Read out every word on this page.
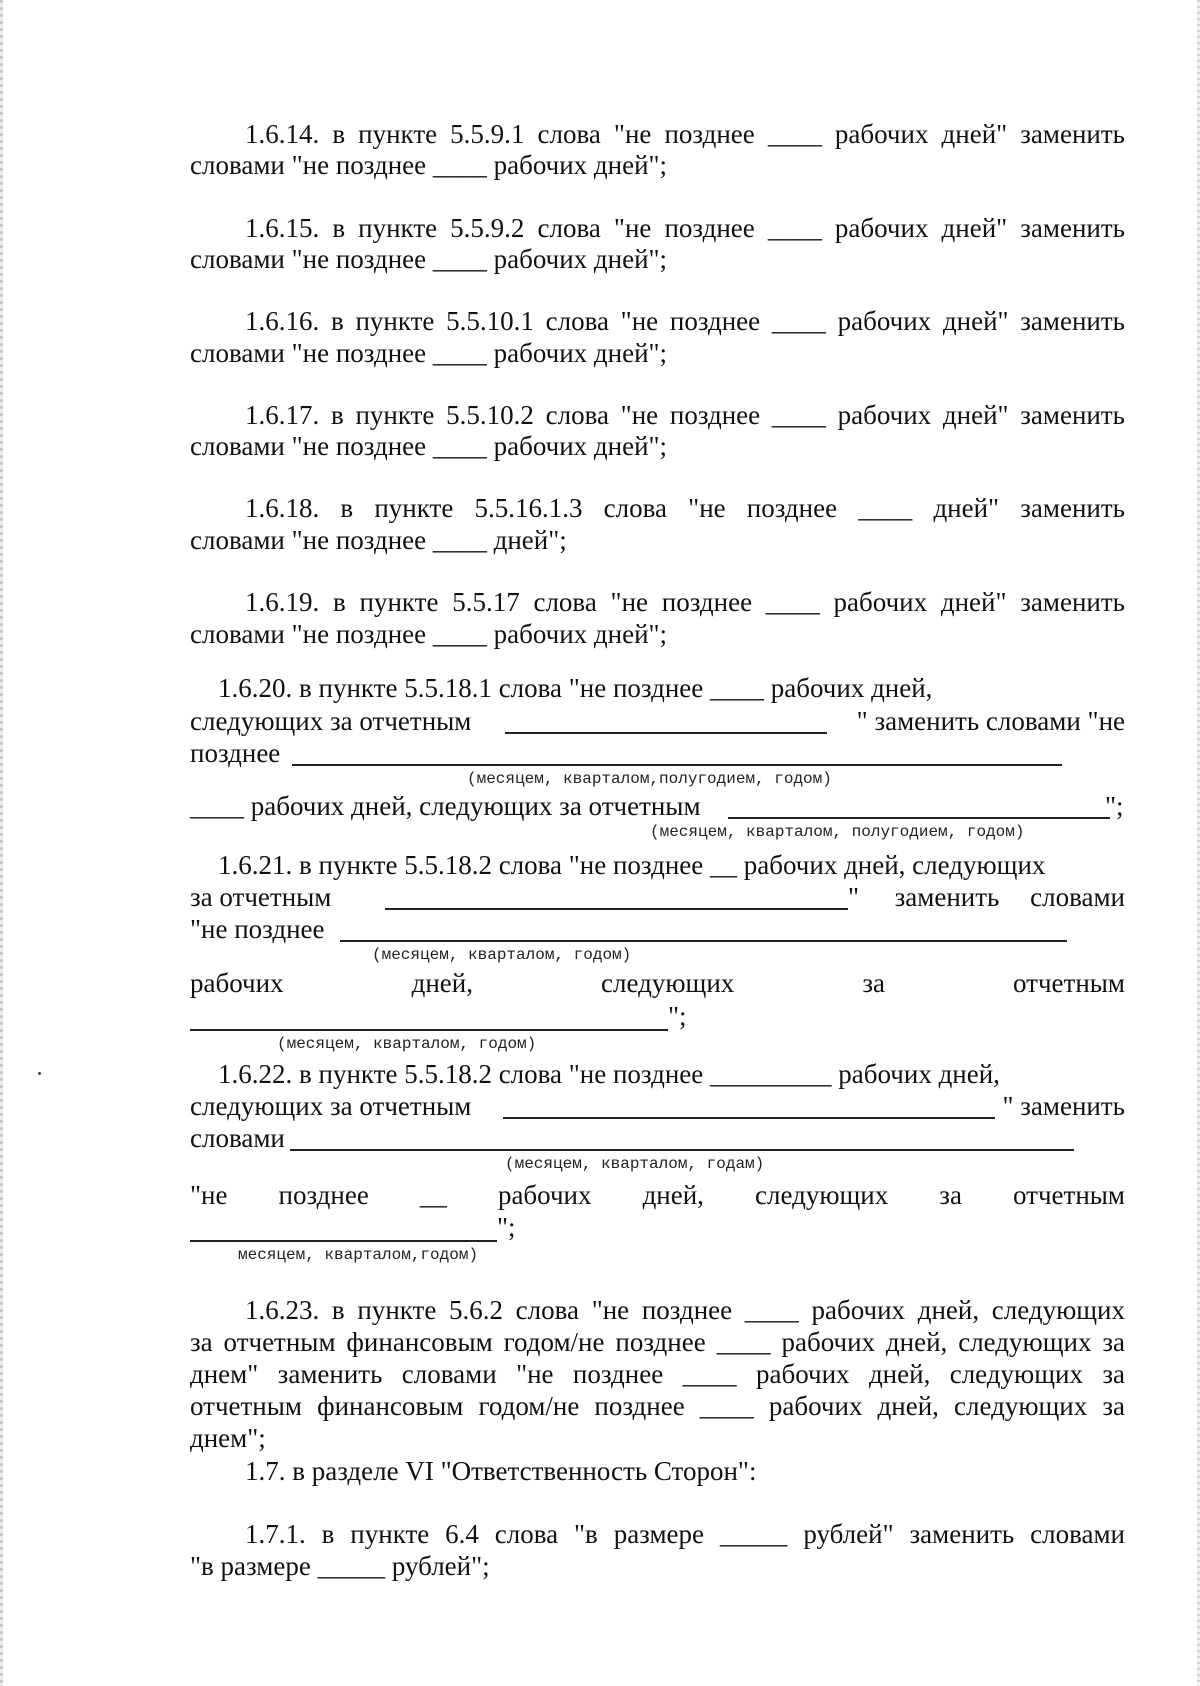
1.6.14. в пункте 5.5.9.1 слова "не позднее ____ рабочих дней" заменить
словами "не позднее ____ рабочих дней";
1.6.15. в пункте 5.5.9.2 слова "не позднее ____ рабочих дней" заменить
словами "не позднее ____ рабочих дней";
1.6.16. в пункте 5.5.10.1 слова "не позднее ____ рабочих дней" заменить
словами "не позднее ____ рабочих дней";
1.6.17. в пункте 5.5.10.2 слова "не позднее ____ рабочих дней" заменить
словами "не позднее ____ рабочих дней";
1.6.18. в пункте 5.5.16.1.3 слова "не позднее ____ дней" заменить
словами "не позднее ____ дней";
1.6.19. в пункте 5.5.17 слова "не позднее ____ рабочих дней" заменить
словами "не позднее ____ рабочих дней";
1.6.20. в пункте 5.5.18.1 слова "не позднее ____ рабочих дней,
следующих за отчетным	" заменить словами "не
позднее
(месяцем, кварталом,полугодием, годом)
____ рабочих дней, следующих за отчетным	";
(месяцем, кварталом, полугодием, годом)
1.6.21. в пункте 5.5.18.2 слова "не позднее __ рабочих дней, следующих
за отчетным	"	заменить словами
"не позднее
(месяцем, кварталом, годом)
рабочих	дней,	следующих	за	отчетным
";
(месяцем, кварталом, годом)
1.6.22. в пункте 5.5.18.2 слова "не позднее _________ рабочих дней,
следующих за отчетным	" заменить
словами
(месяцем, кварталом, годам)
"не позднее __ рабочих дней, следующих за отчетным
";
месяцем, кварталом,годом)
1.6.23. в пункте 5.6.2 слова "не позднее ____ рабочих дней, следующих
за отчетным финансовым годом/не позднее ____ рабочих дней, следующих за
днем" заменить словами "не позднее ____ рабочих дней, следующих за
отчетным финансовым годом/не позднее ____ рабочих дней, следующих за
днем";
1.7. в разделе VI "Ответственность Сторон":
1.7.1. в пункте 6.4 слова "в размере _____ рублей" заменить словами
"в размере _____ рублей";
